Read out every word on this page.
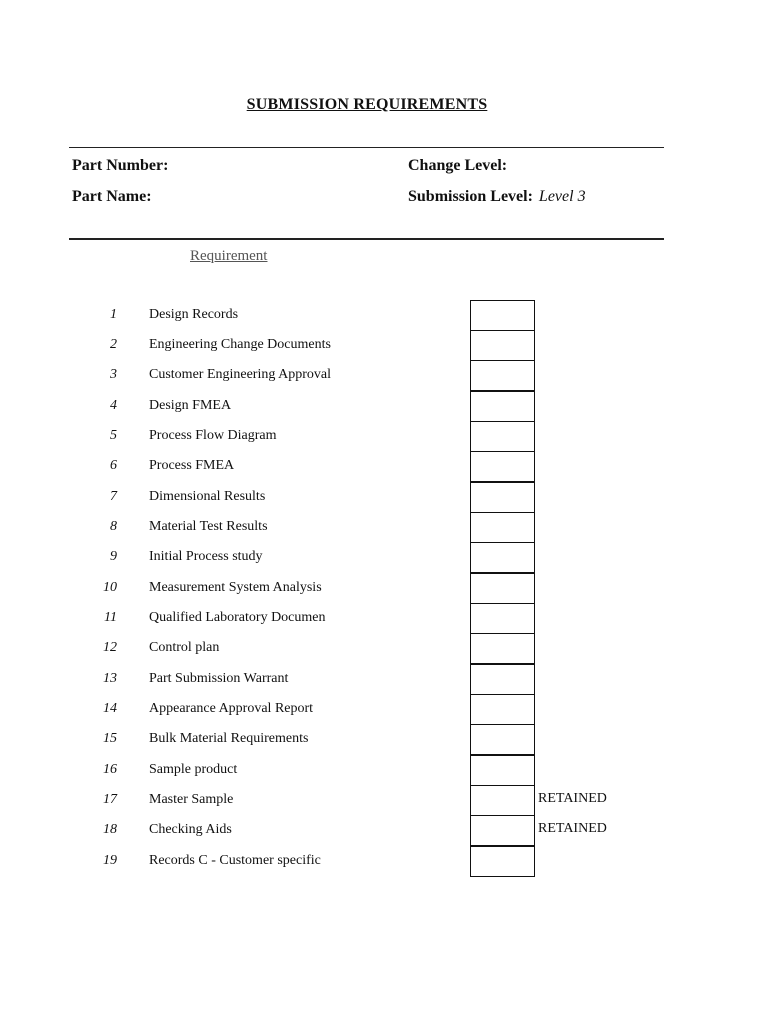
SUBMISSION REQUIREMENTS
Part Number:	Change Level:
Part Name:	Submission Level: Level 3
Requirement
1 Design Records
2 Engineering Change Documents
3 Customer Engineering Approval
4 Design FMEA
5 Process Flow Diagram
6 Process FMEA
7 Dimensional Results
8 Material Test Results
9 Initial Process study
10 Measurement System Analysis
11 Qualified Laboratory Documen
12 Control plan
13 Part Submission Warrant
14 Appearance Approval Report
15 Bulk Material Requirements
16 Sample product
17 Master Sample	RETAINED
18 Checking Aids	RETAINED
19 Records C - Customer specific
